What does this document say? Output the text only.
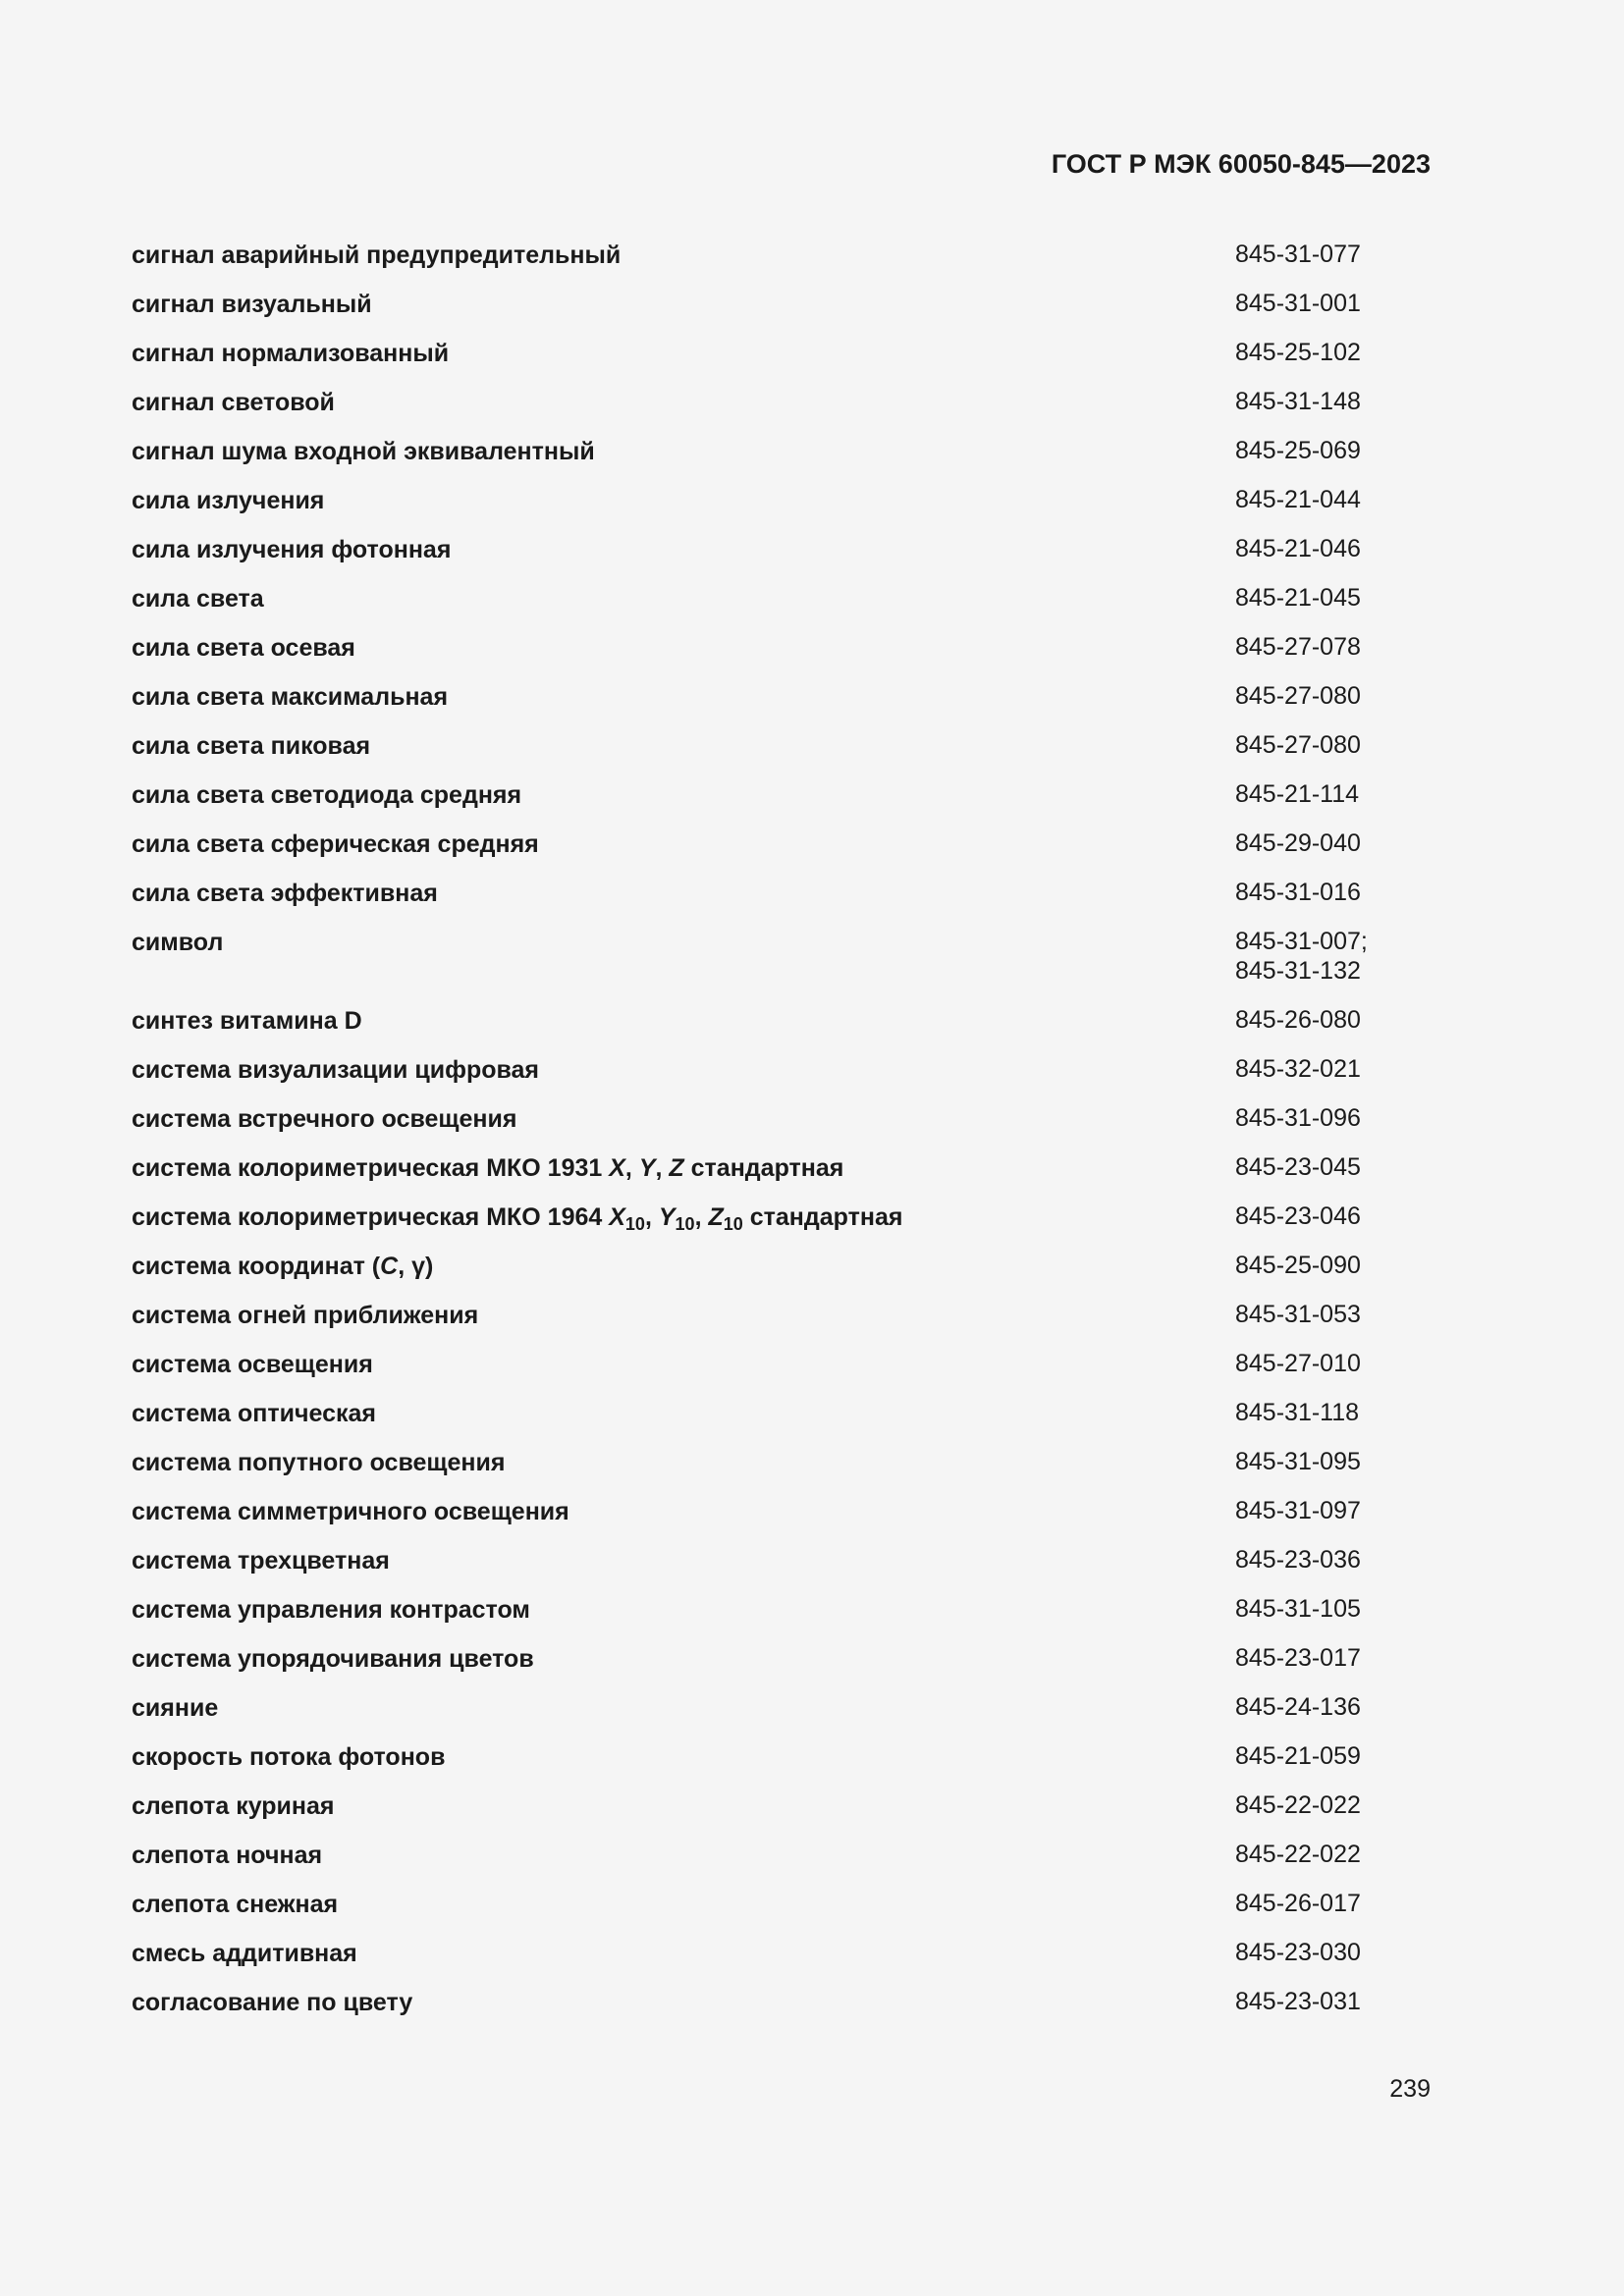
ГОСТ Р МЭК 60050-845—2023
сигнал аварийный предупредительный	845-31-077
сигнал визуальный	845-31-001
сигнал нормализованный	845-25-102
сигнал световой	845-31-148
сигнал шума входной эквивалентный	845-25-069
сила излучения	845-21-044
сила излучения фотонная	845-21-046
сила света	845-21-045
сила света осевая	845-27-078
сила света максимальная	845-27-080
сила света пиковая	845-27-080
сила света светодиода средняя	845-21-114
сила света сферическая средняя	845-29-040
сила света эффективная	845-31-016
символ	845-31-007;
845-31-132
синтез витамина D	845-26-080
система визуализации цифровая	845-32-021
система встречного освещения	845-31-096
система колориметрическая МКО 1931 X, Y, Z стандартная	845-23-045
система колориметрическая МКО 1964 $X_{10}$, $Y_{10}$, $Z_{10}$ стандартная	845-23-046
система координат (C, γ)	845-25-090
система огней приближения	845-31-053
система освещения	845-27-010
система оптическая	845-31-118
система попутного освещения	845-31-095
система симметричного освещения	845-31-097
система трехцветная	845-23-036
система управления контрастом	845-31-105
система упорядочивания цветов	845-23-017
сияние	845-24-136
скорость потока фотонов	845-21-059
слепота куриная	845-22-022
слепота ночная	845-22-022
слепота снежная	845-26-017
смесь аддитивная	845-23-030
согласование по цвету	845-23-031
239
